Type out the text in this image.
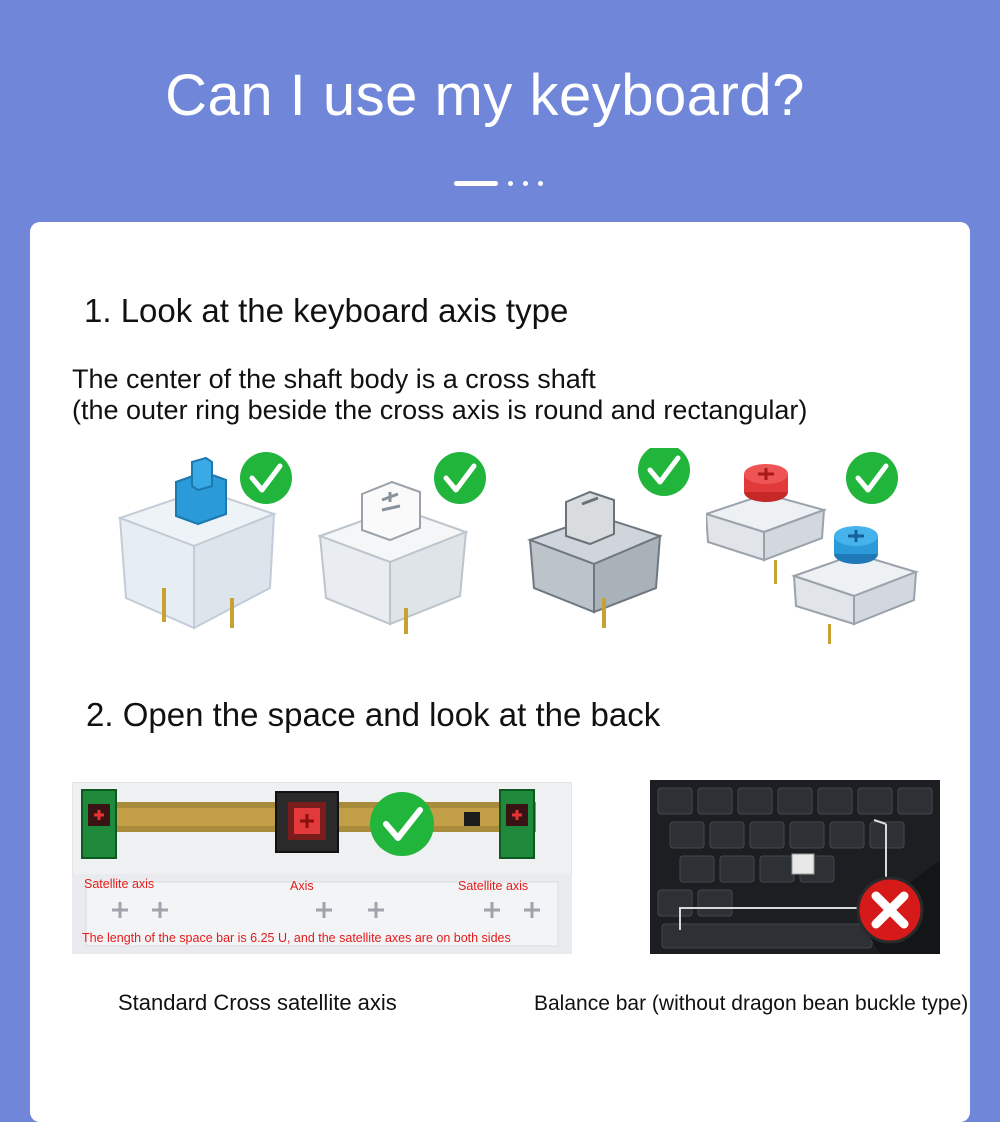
Can I use my keyboard?
1. Look at the keyboard axis type

The center of the shaft body is a cross shaft
(the outer ring beside the cross axis is round and rectangular)

2. Open the space and look at the back
Satellite axis	Axis	Satellite axis
The length of the space bar is 6.25 U, and the satellite axes are on both sides

Standard Cross satellite axis	Balance bar (without dragon bean buckle type)
